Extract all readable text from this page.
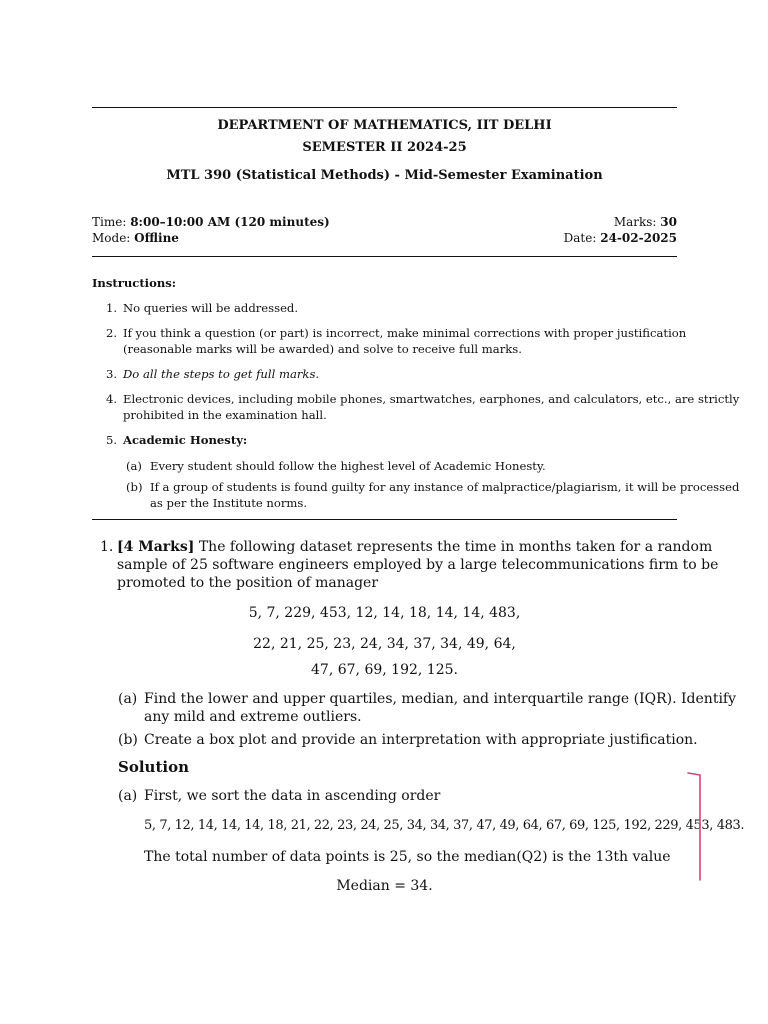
DEPARTMENT OF MATHEMATICS, IIT DELHI
SEMESTER II 2024-25
MTL 390 (Statistical Methods) - Mid-Semester Examination
Time: 8:00–10:00 AM (120 minutes)
Mode: Offline
Marks: 30
Date: 24-02-2025
Instructions:
1. No queries will be addressed.
2. If you think a question (or part) is incorrect, make minimal corrections with proper justification
(reasonable marks will be awarded) and solve to receive full marks.
3. Do all the steps to get full marks.
4. Electronic devices, including mobile phones, smartwatches, earphones, and calculators, etc., are strictly
prohibited in the examination hall.
5. Academic Honesty:
(a) Every student should follow the highest level of Academic Honesty.
(b) If a group of students is found guilty for any instance of malpractice/plagiarism, it will be processed
as per the Institute norms.
1. [4 Marks] The following dataset represents the time in months taken for a random
sample of 25 software engineers employed by a large telecommunications firm to be
promoted to the position of manager
5, 7, 229, 453, 12, 14, 18, 14, 14, 483,
22, 21, 25, 23, 24, 34, 37, 34, 49, 64,
47, 67, 69, 192, 125.
(a) Find the lower and upper quartiles, median, and interquartile range (IQR). Identify
any mild and extreme outliers.
(b) Create a box plot and provide an interpretation with appropriate justification.
Solution
(a) First, we sort the data in ascending order
5, 7, 12, 14, 14, 14, 18, 21, 22, 23, 24, 25, 34, 34, 37, 47, 49, 64, 67, 69, 125, 192, 229, 453, 483.
The total number of data points is 25, so the median(Q2) is the 13th value
Median = 34.
